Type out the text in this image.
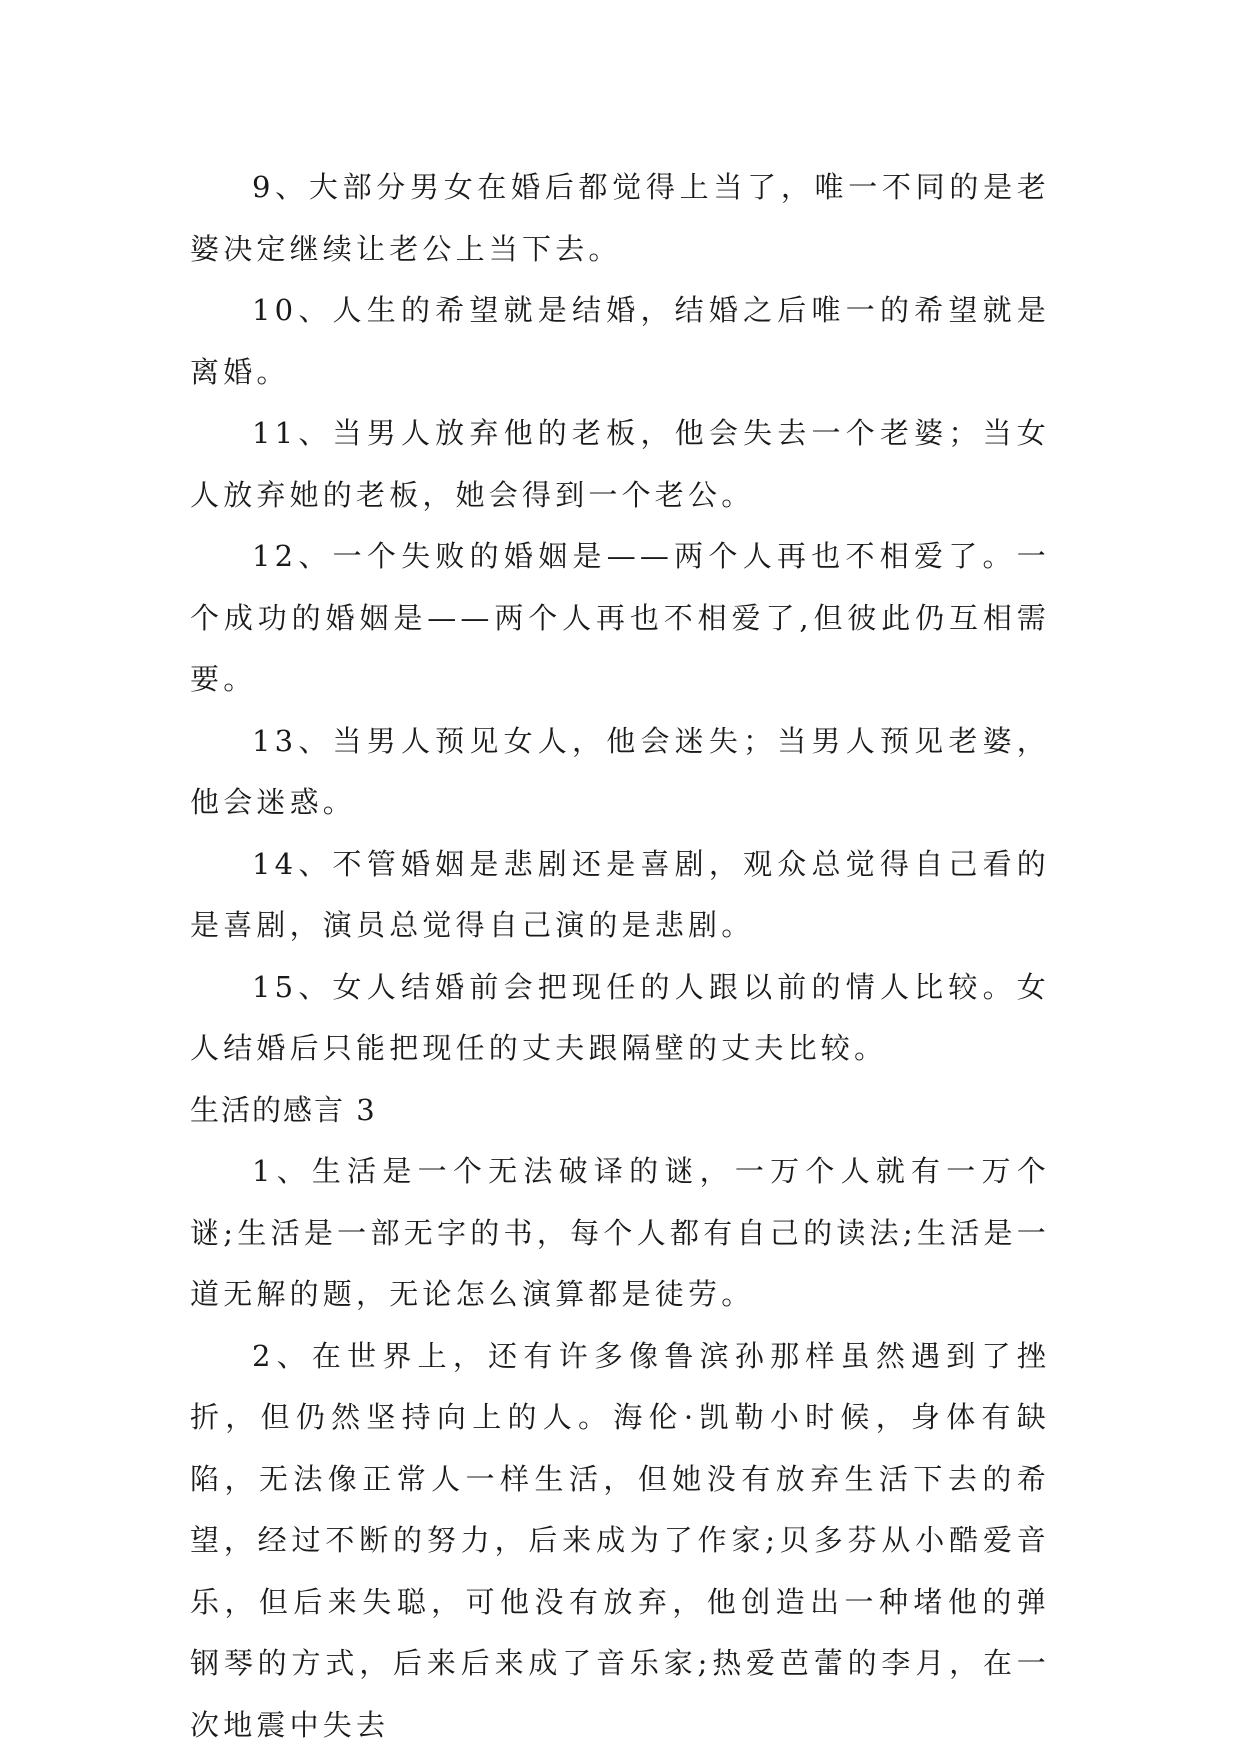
9、大部分男女在婚后都觉得上当了，唯一不同的是老婆决定继续让老公上当下去。

10、人生的希望就是结婚，结婚之后唯一的希望就是离婚。

11、当男人放弃他的老板，他会失去一个老婆；当女人放弃她的老板，她会得到一个老公。

12、一个失败的婚姻是——两个人再也不相爱了。一个成功的婚姻是——两个人再也不相爱了,但彼此仍互相需要。

13、当男人预见女人，他会迷失；当男人预见老婆，他会迷惑。

14、不管婚姻是悲剧还是喜剧，观众总觉得自己看的是喜剧，演员总觉得自己演的是悲剧。

15、女人结婚前会把现任的人跟以前的情人比较。女人结婚后只能把现任的丈夫跟隔壁的丈夫比较。

生活的感言 3

1、生活是一个无法破译的谜，一万个人就有一万个谜;生活是一部无字的书，每个人都有自己的读法;生活是一道无解的题，无论怎么演算都是徒劳。

2、在世界上，还有许多像鲁滨孙那样虽然遇到了挫折，但仍然坚持向上的人。海伦·凯勒小时候，身体有缺陷，无法像正常人一样生活，但她没有放弃生活下去的希望，经过不断的努力，后来成为了作家;贝多芬从小酷爱音乐，但后来失聪，可他没有放弃，他创造出一种堵他的弹钢琴的方式，后来后来成了音乐家;热爱芭蕾的李月，在一次地震中失去
